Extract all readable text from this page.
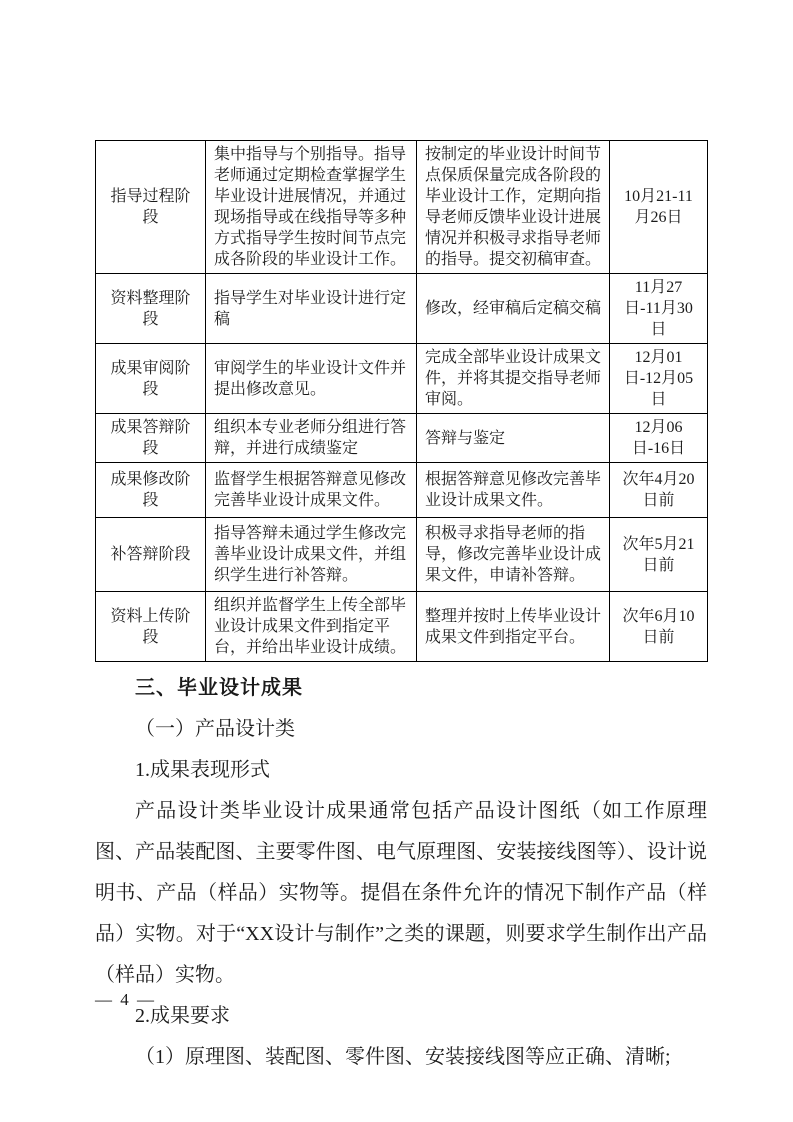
指导过程阶段	集中指导与个别指导。指导老师通过定期检查掌握学生毕业设计进展情况，并通过现场指导或在线指导等多种方式指导学生按时间节点完成各阶段的毕业设计工作。	按制定的毕业设计时间节点保质保量完成各阶段的毕业设计工作，定期向指导老师反馈毕业设计进展情况并积极寻求指导老师的指导。提交初稿审查。	10月21-11月26日
资料整理阶段	指导学生对毕业设计进行定稿	修改，经审稿后定稿交稿	11月27日-11月30日
成果审阅阶段	审阅学生的毕业设计文件并提出修改意见。	完成全部毕业设计成果文件，并将其提交指导老师审阅。	12月01日-12月05日
成果答辩阶段	组织本专业老师分组进行答辩，并进行成绩鉴定	答辩与鉴定	12月06日-16日
成果修改阶段	监督学生根据答辩意见修改完善毕业设计成果文件。	根据答辩意见修改完善毕业设计成果文件。	次年4月20日前
补答辩阶段	指导答辩未通过学生修改完善毕业设计成果文件，并组织学生进行补答辩。	积极寻求指导老师的指导，修改完善毕业设计成果文件，申请补答辩。	次年5月21日前
资料上传阶段	组织并监督学生上传全部毕业设计成果文件到指定平台，并给出毕业设计成绩。	整理并按时上传毕业设计成果文件到指定平台。	次年6月10日前
三、毕业设计成果

（一）产品设计类

1.成果表现形式

产品设计类毕业设计成果通常包括产品设计图纸（如工作原理图、产品装配图、主要零件图、电气原理图、安装接线图等）、设计说明书、产品（样品）实物等。提倡在条件允许的情况下制作产品（样品）实物。对于“XX设计与制作”之类的课题，则要求学生制作出产品（样品）实物。

2.成果要求

（1）原理图、装配图、零件图、安装接线图等应正确、清晰;

— 4 —
